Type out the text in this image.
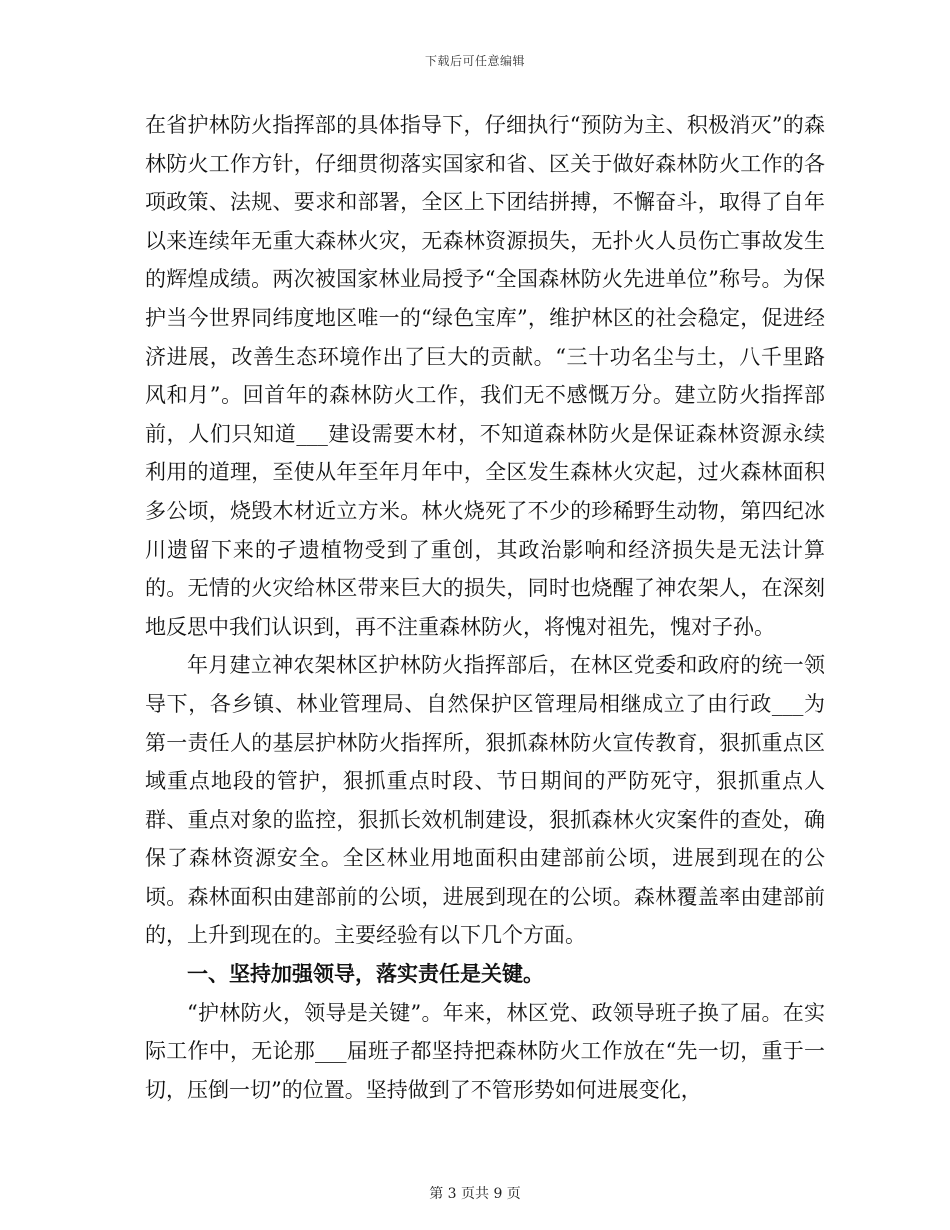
下载后可任意编辑

在省护林防火指挥部的具体指导下，仔细执行“预防为主、积极消灭”的森林防火工作方针，仔细贯彻落实国家和省、区关于做好森林防火工作的各项政策、法规、要求和部署，全区上下团结拼搏，不懈奋斗，取得了自年以来连续年无重大森林火灾，无森林资源损失，无扑火人员伤亡事故发生的辉煌成绩。两次被国家林业局授予“全国森林防火先进单位”称号。为保护当今世界同纬度地区唯一的“绿色宝库”，维护林区的社会稳定，促进经济进展，改善生态环境作出了巨大的贡献。“三十功名尘与土，八千里路风和月”。回首年的森林防火工作，我们无不感慨万分。建立防火指挥部前，人们只知道___建设需要木材，不知道森林防火是保证森林资源永续利用的道理，至使从年至年月年中，全区发生森林火灾起，过火森林面积多公顷，烧毁木材近立方米。林火烧死了不少的珍稀野生动物，第四纪冰川遗留下来的孑遗植物受到了重创，其政治影响和经济损失是无法计算的。无情的火灾给林区带来巨大的损失，同时也烧醒了神农架人，在深刻地反思中我们认识到，再不注重森林防火，将愧对祖先，愧对子孙。

年月建立神农架林区护林防火指挥部后，在林区党委和政府的统一领导下，各乡镇、林业管理局、自然保护区管理局相继成立了由行政___为第一责任人的基层护林防火指挥所，狠抓森林防火宣传教育，狠抓重点区域重点地段的管护，狠抓重点时段、节日期间的严防死守，狠抓重点人群、重点对象的监控，狠抓长效机制建设，狠抓森林火灾案件的查处，确保了森林资源安全。全区林业用地面积由建部前公顷，进展到现在的公顷。森林面积由建部前的公顷，进展到现在的公顷。森林覆盖率由建部前的，上升到现在的。主要经验有以下几个方面。

一、坚持加强领导，落实责任是关键。

“护林防火，领导是关键”。年来，林区党、政领导班子换了届。在实际工作中，无论那___届班子都坚持把森林防火工作放在“先一切，重于一切，压倒一切”的位置。坚持做到了不管形势如何进展变化，

第 3 页共 9 页
